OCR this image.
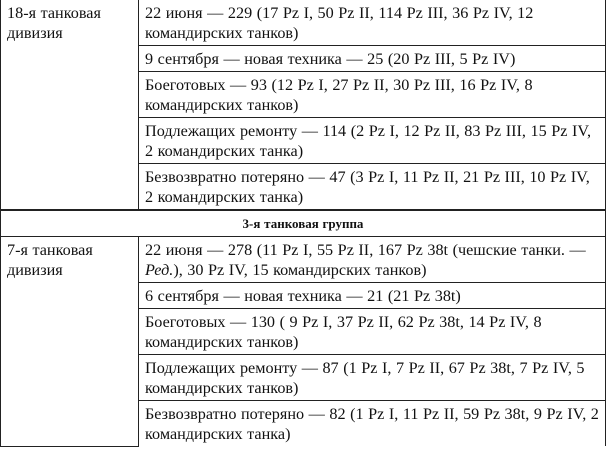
18-я танковая дивизия	22 июня — 229 (17 Pz I, 50 Pz II, 114 Pz III, 36 Pz IV, 12 командирских танков)
	9 сентября — новая техника — 25 (20 Pz III, 5 Pz IV)
	Боеготовых — 93 (12 Pz I, 27 Pz II, 30 Pz III, 16 Pz IV, 8 командирских танков)
	Подлежащих ремонту — 114 (2 Pz I, 12 Pz II, 83 Pz III, 15 Pz IV, 2 командирских танка)
	Безвозвратно потеряно — 47 (3 Pz I, 11 Pz II, 21 Pz III, 10 Pz IV, 2 командирских танка)
3-я танковая группа	
7-я танковая дивизия	22 июня — 278 (11 Pz I, 55 Pz II, 167 Pz 38t (чешские танки. — Ред.), 30 Pz IV, 15 командирских танков)
	6 сентября — новая техника — 21 (21 Pz 38t)
	Боеготовых — 130 ( 9 Pz I, 37 Pz II, 62 Pz 38t, 14 Pz IV, 8 командирских танков)
	Подлежащих ремонту — 87 (1 Pz I, 7 Pz II, 67 Pz 38t, 7 Pz IV, 5 командирских танков)
	Безвозвратно потеряно — 82 (1 Pz I, 11 Pz II, 59 Pz 38t, 9 Pz IV, 2 командирских танка)
